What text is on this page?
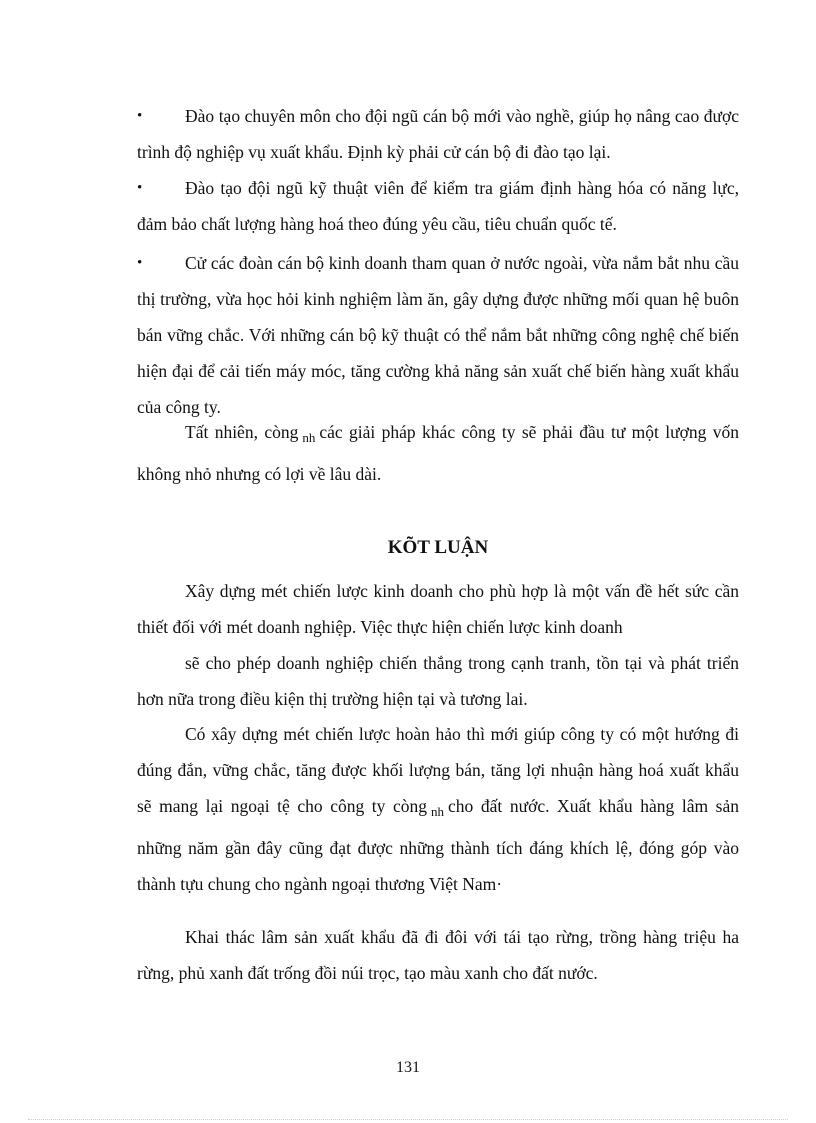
•	Đào tạo chuyên môn cho đội ngũ cán bộ mới vào nghề, giúp họ nâng cao được trình độ nghiệp vụ xuất khẩu. Định kỳ phải cử cán bộ đi đào tạo lại.
•	Đào tạo đội ngũ kỹ thuật viên để kiểm tra giám định hàng hóa có năng lực, đảm bảo chất lượng hàng hoá theo đúng yêu cầu, tiêu chuẩn quốc tế.
•	Cử các đoàn cán bộ kinh doanh tham quan ở nước ngoài, vừa nắm bắt nhu cầu thị trường, vừa học hỏi kinh nghiệm làm ăn, gây dựng được những mối quan hệ buôn bán vững chắc. Với những cán bộ kỹ thuật có thể nắm bắt những công nghệ chế biến hiện đại để cải tiến máy móc, tăng cường khả năng sản xuất chế biến hàng xuất khẩu của công ty.

Tất nhiên, còng $_{nh}$ các giải pháp khác công ty sẽ phải đầu tư một lượng vốn không nhỏ nhưng có lợi về lâu dài.

KÕT LUẬN

Xây dựng mét chiến lược kinh doanh cho phù hợp là một vấn đề hết sức cần thiết đối với mét doanh nghiệp. Việc thực hiện chiến lược kinh doanh

sẽ cho phép doanh nghiệp chiến thắng trong cạnh tranh, tồn tại và phát triển hơn nữa trong điều kiện thị trường hiện tại và tương lai.

Có xây dựng mét chiến lược hoàn hảo thì mới giúp công ty có một hướng đi đúng đắn, vững chắc, tăng được khối lượng bán, tăng lợi nhuận hàng hoá xuất khẩu sẽ mang lại ngoại tệ cho công ty còng $_{nh}$ cho đất nước. Xuất khẩu hàng lâm sản những năm gần đây cũng đạt được những thành tích đáng khích lệ, đóng góp vào thành tựu chung cho ngành ngoại thương Việt Nam·

Khai thác lâm sản xuất khẩu đã đi đôi với tái tạo rừng, trồng hàng triệu ha rừng, phủ xanh đất trống đồi núi trọc, tạo màu xanh cho đất nước.

131
